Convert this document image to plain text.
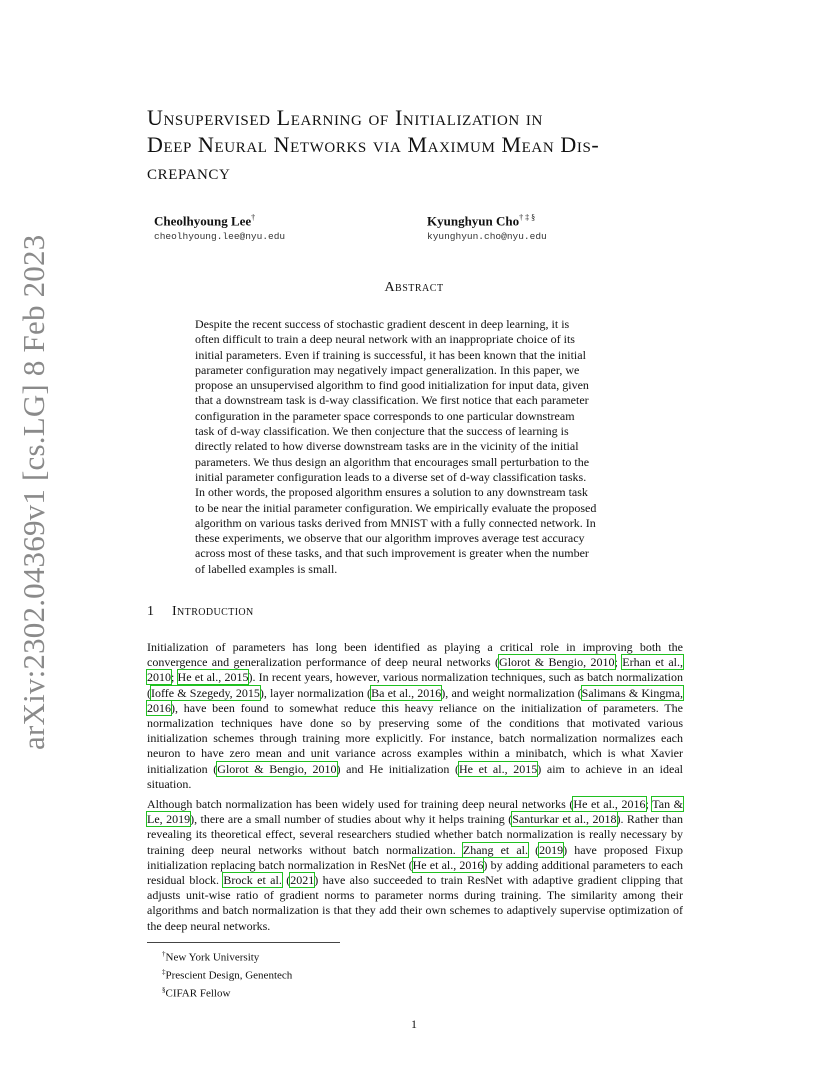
arXiv:2302.04369v1 [cs.LG] 8 Feb 2023
Unsupervised Learning of Initialization in
Deep Neural Networks via Maximum Mean Dis-
crepancy
Cheolhyoung Lee†
cheolhyoung.lee@nyu.edu
Kyunghyun Cho† ‡ §
kyunghyun.cho@nyu.edu
Abstract
Despite the recent success of stochastic gradient descent in deep learning, it is
often difficult to train a deep neural network with an inappropriate choice of its
initial parameters. Even if training is successful, it has been known that the initial
parameter configuration may negatively impact generalization. In this paper, we
propose an unsupervised algorithm to find good initialization for input data, given
that a downstream task is d-way classification. We first notice that each parameter
configuration in the parameter space corresponds to one particular downstream
task of d-way classification. We then conjecture that the success of learning is
directly related to how diverse downstream tasks are in the vicinity of the initial
parameters. We thus design an algorithm that encourages small perturbation to the
initial parameter configuration leads to a diverse set of d-way classification tasks.
In other words, the proposed algorithm ensures a solution to any downstream task
to be near the initial parameter configuration. We empirically evaluate the proposed
algorithm on various tasks derived from MNIST with a fully connected network. In
these experiments, we observe that our algorithm improves average test accuracy
across most of these tasks, and that such improvement is greater when the number
of labelled examples is small.
1 Introduction
Initialization of parameters has long been identified as playing a critical role in improving both the convergence and generalization performance of deep neural networks (Glorot & Bengio, 2010; Erhan et al., 2010; He et al., 2015). In recent years, however, various normalization techniques, such as batch normalization (Ioffe & Szegedy, 2015), layer normalization (Ba et al., 2016), and weight normalization (Salimans & Kingma, 2016), have been found to somewhat reduce this heavy reliance on the initialization of parameters. The normalization techniques have done so by preserving some of the conditions that motivated various initialization schemes through training more explicitly. For instance, batch normalization normalizes each neuron to have zero mean and unit variance across examples within a minibatch, which is what Xavier initialization (Glorot & Bengio, 2010) and He initialization (He et al., 2015) aim to achieve in an ideal situation.
Although batch normalization has been widely used for training deep neural networks (He et al., 2016; Tan & Le, 2019), there are a small number of studies about why it helps training (Santurkar et al., 2018). Rather than revealing its theoretical effect, several researchers studied whether batch normalization is really necessary by training deep neural networks without batch normalization. Zhang et al. (2019) have proposed Fixup initialization replacing batch normalization in ResNet (He et al., 2016) by adding additional parameters to each residual block. Brock et al. (2021) have also succeeded to train ResNet with adaptive gradient clipping that adjusts unit-wise ratio of gradient norms to parameter norms during training. The similarity among their algorithms and batch normalization is that they add their own schemes to adaptively supervise optimization of the deep neural networks.
†New York University
‡Prescient Design, Genentech
§CIFAR Fellow
1
